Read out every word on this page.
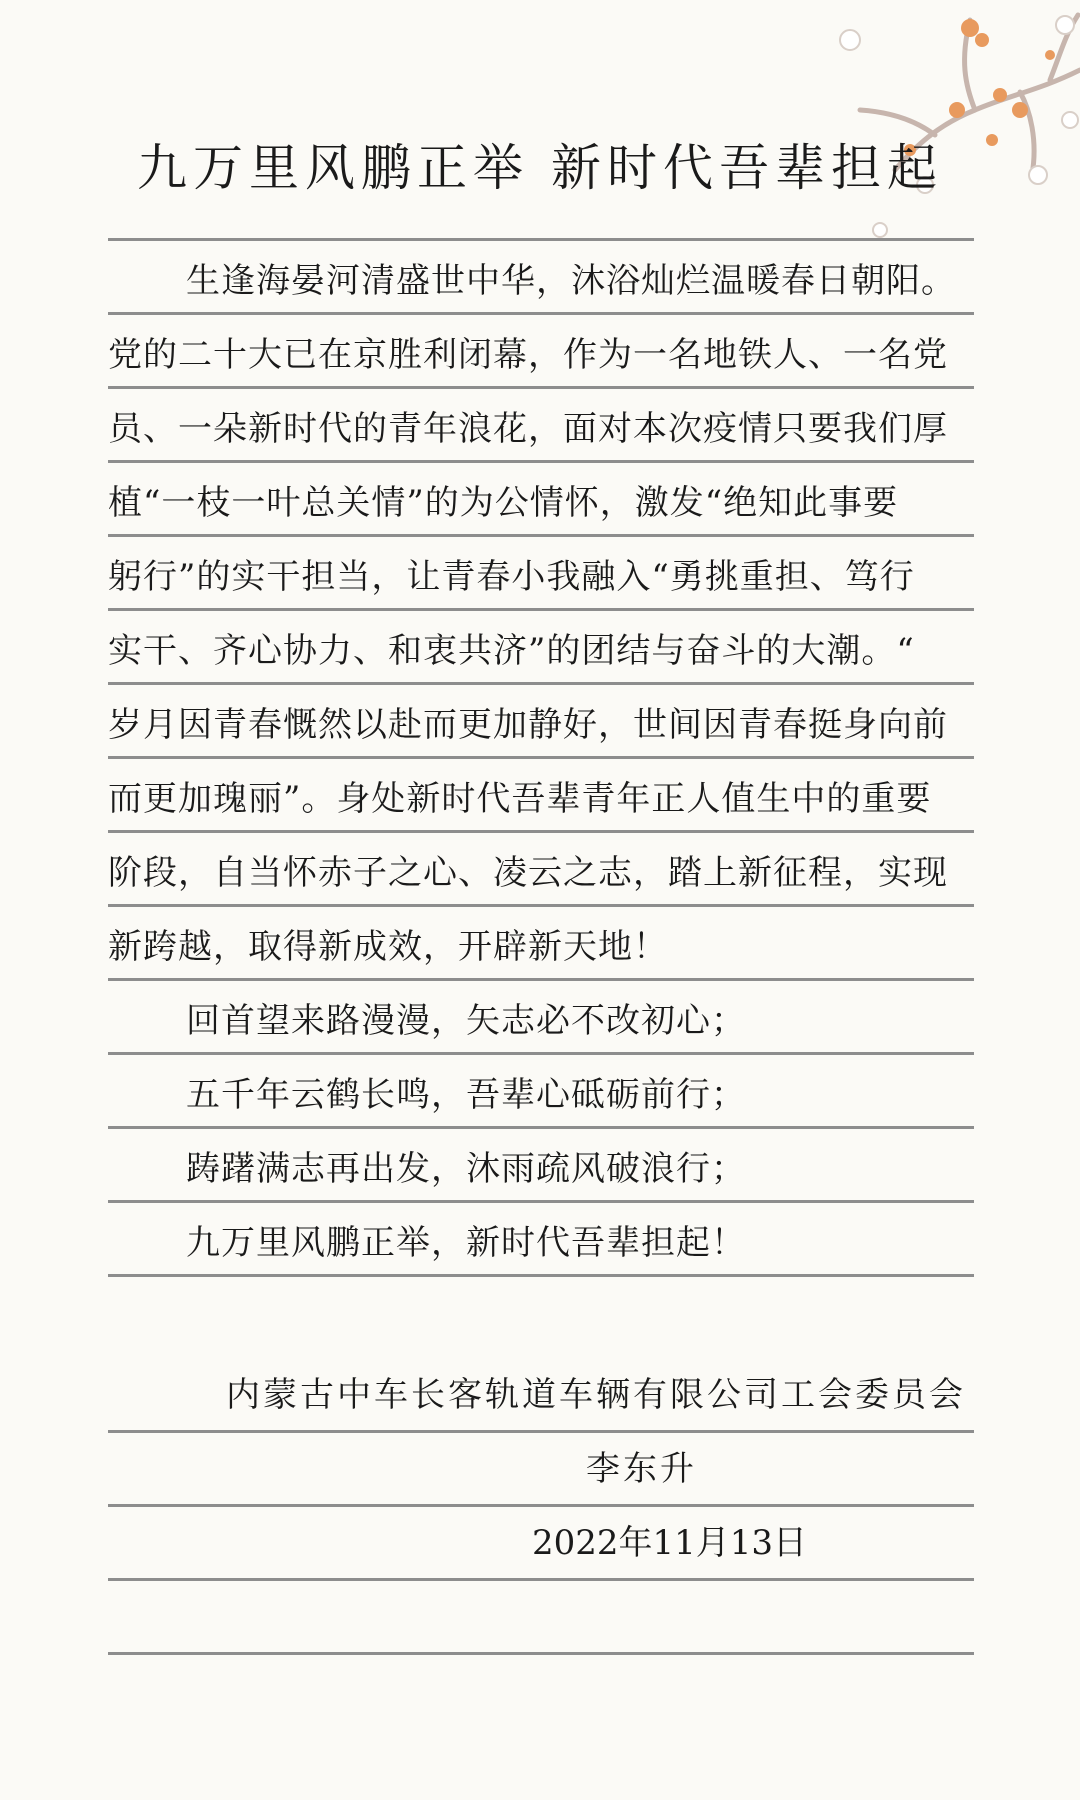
九万里风鹏正举 新时代吾辈担起
生逢海晏河清盛世中华，沐浴灿烂温暖春日朝阳。
党的二十大已在京胜利闭幕，作为一名地铁人、一名党
员、一朵新时代的青年浪花，面对本次疫情只要我们厚
植“一枝一叶总关情”的为公情怀，激发“绝知此事要
躬行”的实干担当，让青春小我融入“勇挑重担、笃行
实干、齐心协力、和衷共济”的团结与奋斗的大潮。“
岁月因青春慨然以赴而更加静好，世间因青春挺身向前
而更加瑰丽”。身处新时代吾辈青年正人值生中的重要
阶段，自当怀赤子之心、凌云之志，踏上新征程，实现
新跨越，取得新成效，开辟新天地！
回首望来路漫漫，矢志必不改初心；
五千年云鹤长鸣，吾辈心砥砺前行；
踌躇满志再出发，沐雨疏风破浪行；
九万里风鹏正举，新时代吾辈担起！
内蒙古中车长客轨道车辆有限公司工会委员会
李东升
2022年11月13日
